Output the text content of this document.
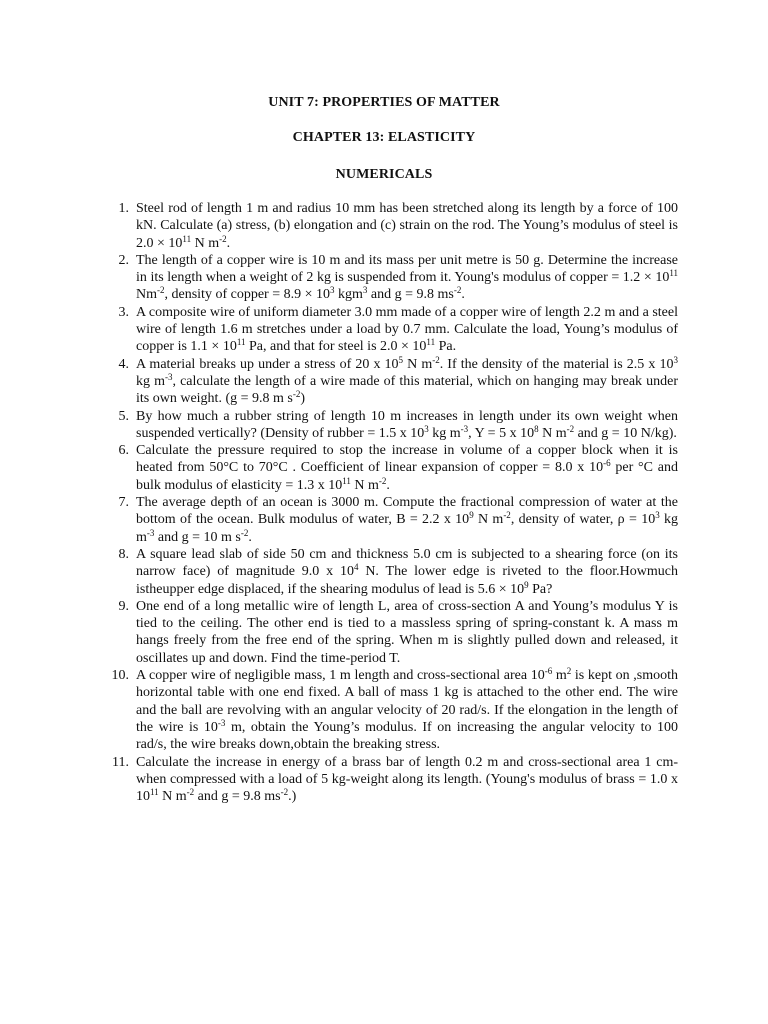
UNIT 7: PROPERTIES OF MATTER
CHAPTER 13: ELASTICITY
NUMERICALS
1. Steel rod of length 1 m and radius 10 mm has been stretched along its length by a force of 100 kN. Calculate (a) stress, (b) elongation and (c) strain on the rod. The Young’s modulus of steel is $2.0 \times 10^{11}$ N $m^{-2}$.
2. The length of a copper wire is 10 m and its mass per unit metre is 50 g. Determine the increase in its length when a weight of 2 kg is suspended from it. Young's modulus of copper = $1.2 \times 10^{11}$ $Nm^{-2}$, density of copper = $8.9 \times 10^3$ kgm$^3$ and g = 9.8 $ms^{-2}$.
3. A composite wire of uniform diameter 3.0 mm made of a copper wire of length 2.2 m and a steel wire of length 1.6 m stretches under a load by 0.7 mm. Calculate the load, Young’s modulus of copper is $1.1 \times 10^{11}$ Pa, and that for steel is $2.0 \times 10^{11}$ Pa.
4. A material breaks up under a stress of 20 x $10^5$ N $m^{-2}$. If the density of the material is 2.5 x $10^3$ kg $m^{-3}$, calculate the length of a wire made of this material, which on hanging may break under its own weight. (g = 9.8 m $s^{-2}$)
5. By how much a rubber string of length 10 m increases in length under its own weight when suspended vertically? (Density of rubber = 1.5 x $10^3$ kg $m^{-3}$, Y = 5 x $10^8$ N $m^{-2}$ and g = 10 N/kg).
6. Calculate the pressure required to stop the increase in volume of a copper block when it is heated from 50°C to 70°C . Coefficient of linear expansion of copper = 8.0 x $10^{-6}$ per °C and bulk modulus of elasticity = 1.3 x $10^{11}$ N $m^{-2}$.
7. The average depth of an ocean is 3000 m. Compute the fractional compression of water at the bottom of the ocean. Bulk modulus of water, B = 2.2 x $10^9$ N $m^{-2}$, density of water, $\rho = 10^3$ kg $m^{-3}$ and g = 10 m $s^{-2}$.
8. A square lead slab of side 50 cm and thickness 5.0 cm is subjected to a shearing force (on its narrow face) of magnitude 9.0 x $10^4$ N. The lower edge is riveted to the floor.Howmuch istheupper edge displaced, if the shearing modulus of lead is $5.6 \times 10^9$ Pa?
9. One end of a long metallic wire of length L, area of cross-section A and Young’s modulus Y is tied to the ceiling. The other end is tied to a massless spring of spring-constant k. A mass m hangs freely from the free end of the spring. When m is slightly pulled down and released, it oscillates up and down. Find the time-period T.
10. A copper wire of negligible mass, 1 m length and cross-sectional area $10^{-6}$ $m^2$ is kept on ,smooth horizontal table with one end fixed. A ball of mass 1 kg is attached to the other end. The wire and the ball are revolving with an angular velocity of 20 rad/s. If the elongation in the length of the wire is $10^{-3}$ m, obtain the Young’s modulus. If on increasing the angular velocity to 100 rad/s, the wire breaks down,obtain the breaking stress.
11. Calculate the increase in energy of a brass bar of length 0.2 m and cross-sectional area 1 cm- when compressed with a load of 5 kg-weight along its length. (Young's modulus of brass = 1.0 x $10^{11}$ N $m^{-2}$ and g = 9.8 $ms^{-2}$.)
